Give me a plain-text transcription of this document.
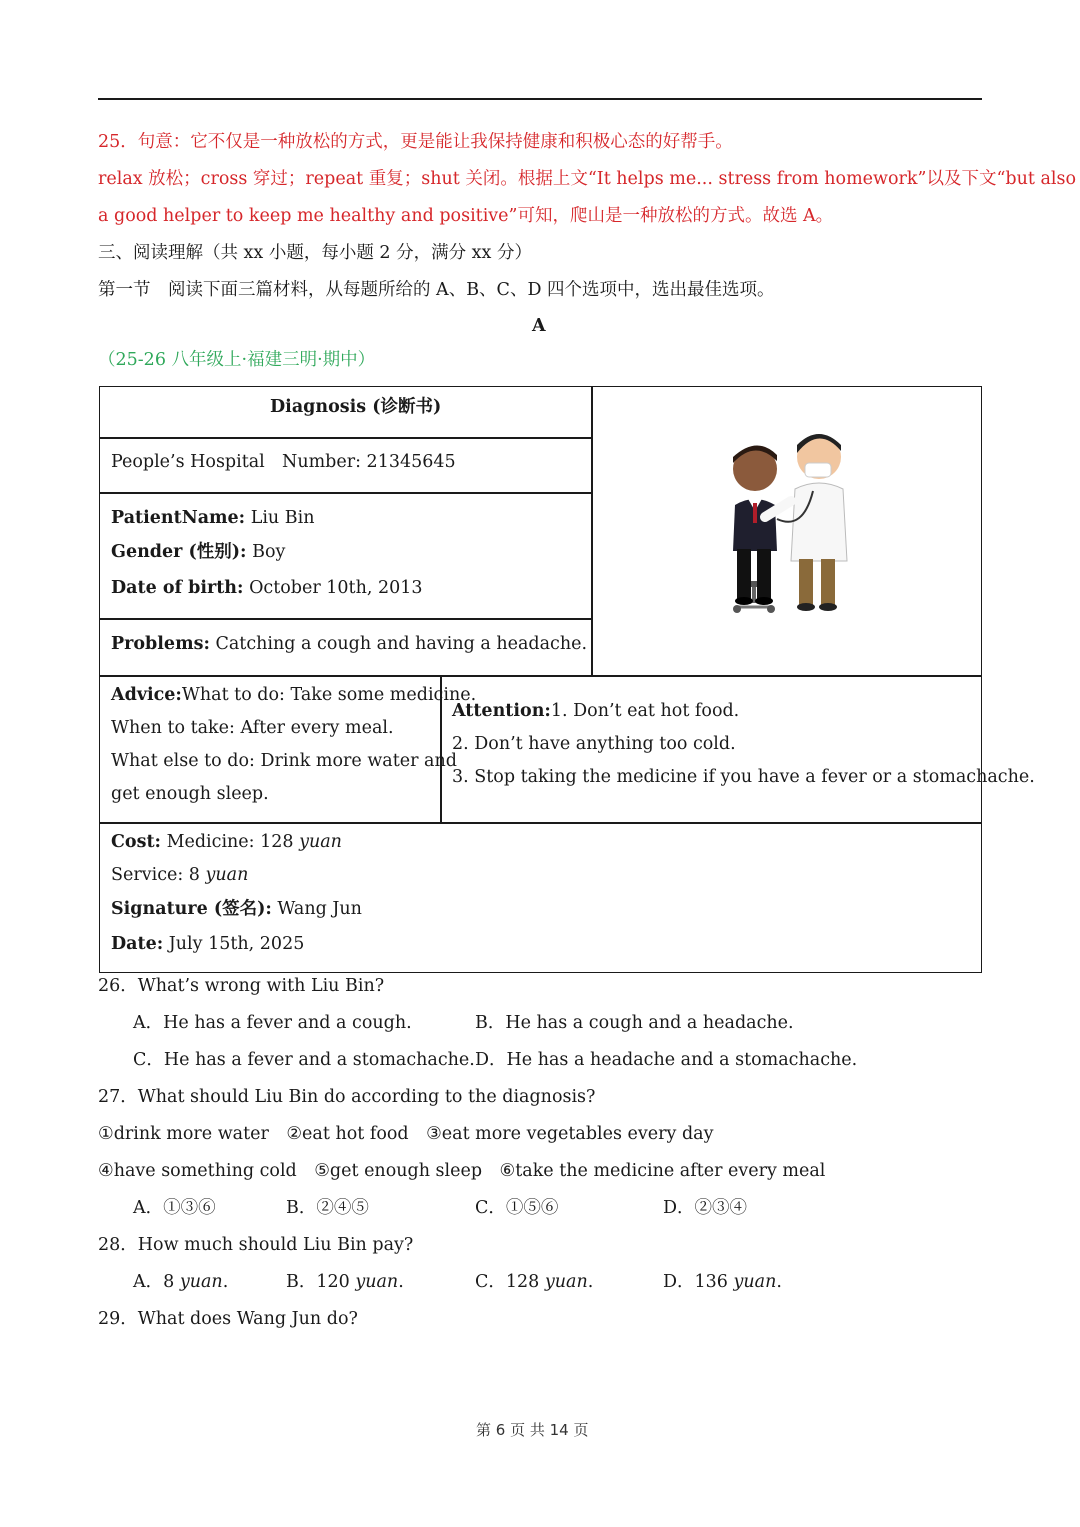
25．句意：它不仅是一种放松的方式，更是能让我保持健康和积极心态的好帮手。
relax 放松；cross 穿过；repeat 重复；shut 关闭。根据上文“It helps me... stress from homework”以及下文“but also
a good helper to keep me healthy and positive”可知，爬山是一种放松的方式。故选 A。
三、阅读理解（共 xx 小题，每小题 2 分，满分 xx 分）
第一节　阅读下面三篇材料，从每题所给的 A、B、C、D 四个选项中，选出最佳选项。
A
（25-26 八年级上·福建三明·期中）
Diagnosis (诊断书)
People’s Hospital Number: 21345645
PatientName: Liu Bin
Gender (性别): Boy
Date of birth: October 10th, 2013
Problems: Catching a cough and having a headache.
Advice:What to do: Take some medicine.
When to take: After every meal.
What else to do: Drink more water and
get enough sleep.
Attention:1. Don’t eat hot food.
2. Don’t have anything too cold.
3. Stop taking the medicine if you have a fever or a stomachache.
Cost: Medicine: 128 yuan
Service: 8 yuan
Signature (签名): Wang Jun
Date: July 15th, 2025
26．What’s wrong with Liu Bin?
A．He has a fever and a cough.	B．He has a cough and a headache.
C．He has a fever and a stomachache. D．He has a headache and a stomachache.
27．What should Liu Bin do according to the diagnosis?
①drink more water　②eat hot food　③eat more vegetables every day
④have something cold　⑤get enough sleep　⑥take the medicine after every meal
A．①③⑥	B．②④⑤	C．①⑤⑥	D．②③④
28．How much should Liu Bin pay?
A．8 yuan.	B．120 yuan.	C．128 yuan.	D．136 yuan.
29．What does Wang Jun do?
第 6 页 共 14 页
